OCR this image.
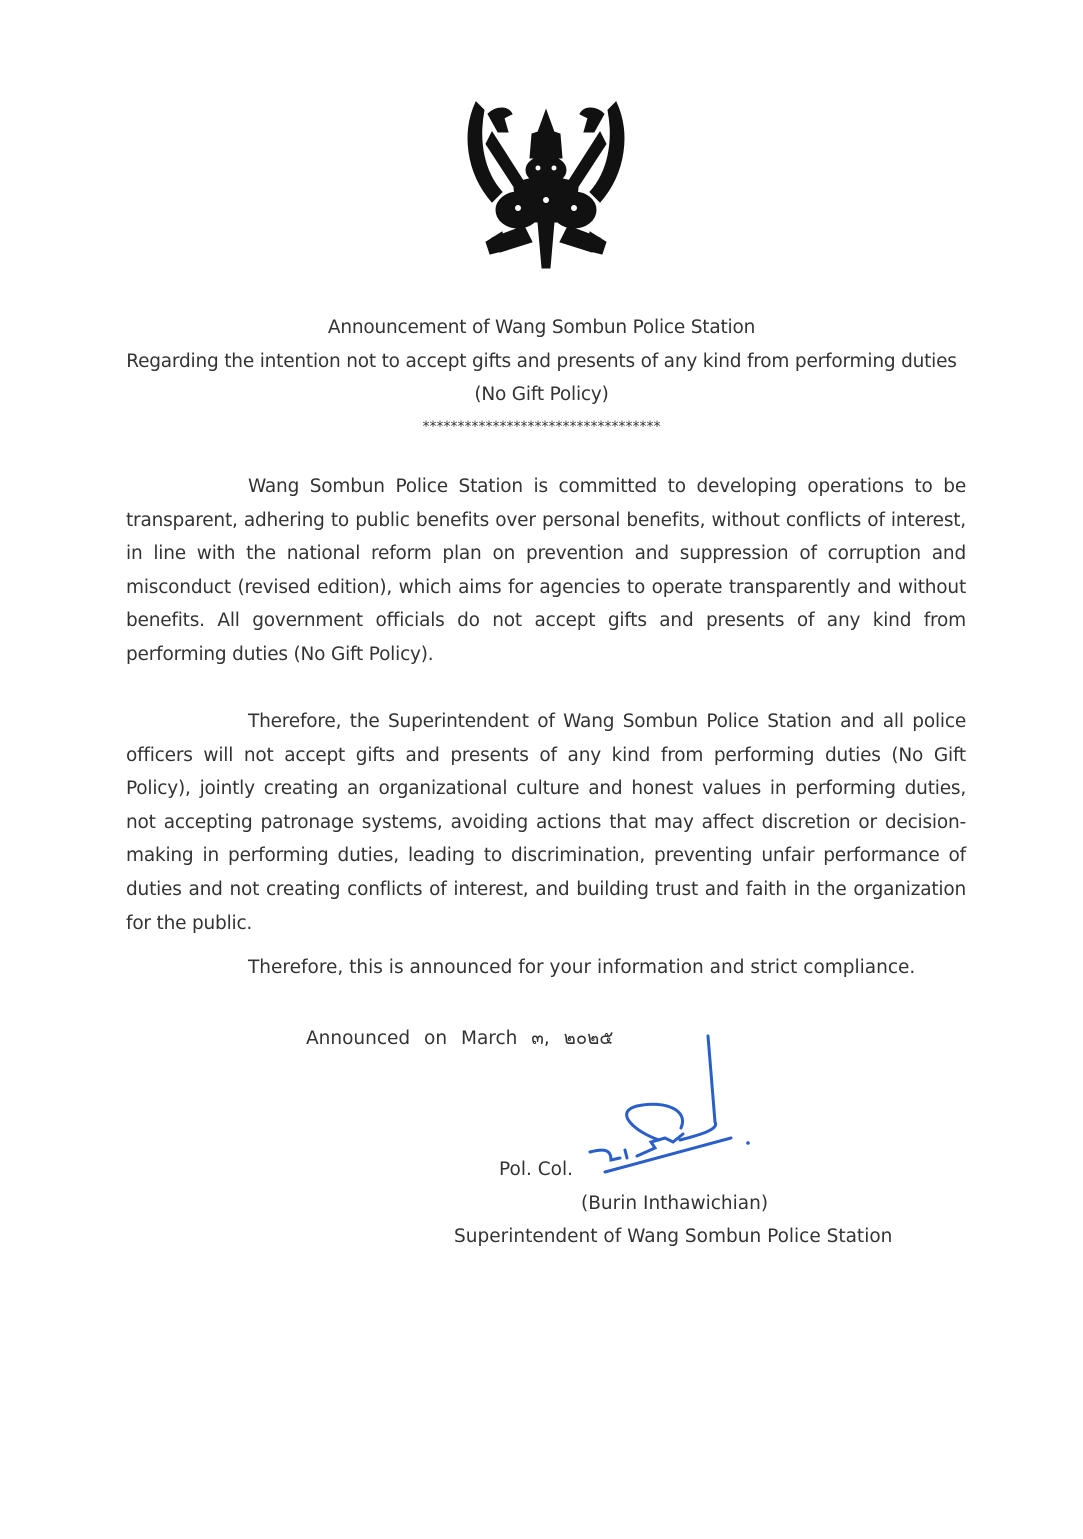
Announcement of Wang Sombun Police Station
Regarding the intention not to accept gifts and presents of any kind from performing duties
(No Gift Policy)
**********************************

Wang Sombun Police Station is committed to developing operations to be transparent, adhering to public benefits over personal benefits, without conflicts of interest, in line with the national reform plan on prevention and suppression of corruption and misconduct (revised edition), which aims for agencies to operate transparently and without benefits. All government officials do not accept gifts and presents of any kind from performing duties (No Gift Policy).

Therefore, the Superintendent of Wang Sombun Police Station and all police officers will not accept gifts and presents of any kind from performing duties (No Gift Policy), jointly creating an organizational culture and honest values in performing duties, not accepting patronage systems, avoiding actions that may affect discretion or decision-making in performing duties, leading to discrimination, preventing unfair performance of duties and not creating conflicts of interest, and building trust and faith in the organization for the public.

Therefore, this is announced for your information and strict compliance.
Announced on March ๓, ๒๐๒๕
Pol. Col.
(Burin Inthawichian)
Superintendent of Wang Sombun Police Station
